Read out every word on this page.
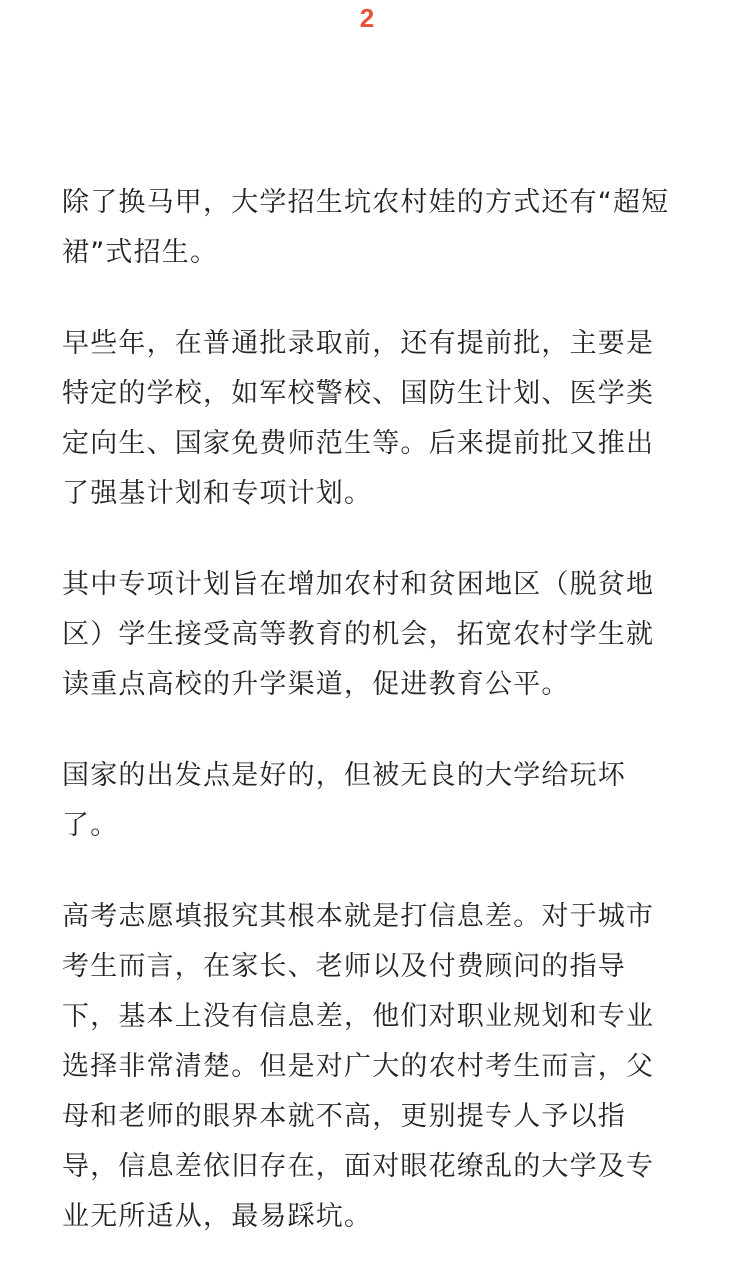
2

除了换马甲，大学招生坑农村娃的方式还有“超短裙”式招生。

早些年，在普通批录取前，还有提前批，主要是特定的学校，如军校警校、国防生计划、医学类定向生、国家免费师范生等。后来提前批又推出了强基计划和专项计划。

其中专项计划旨在增加农村和贫困地区（脱贫地区）学生接受高等教育的机会，拓宽农村学生就读重点高校的升学渠道，促进教育公平。

国家的出发点是好的，但被无良的大学给玩坏了。

高考志愿填报究其根本就是打信息差。对于城市考生而言，在家长、老师以及付费顾问的指导下，基本上没有信息差，他们对职业规划和专业选择非常清楚。但是对广大的农村考生而言，父母和老师的眼界本就不高，更别提专人予以指导，信息差依旧存在，面对眼花缭乱的大学及专业无所适从，最易踩坑。
